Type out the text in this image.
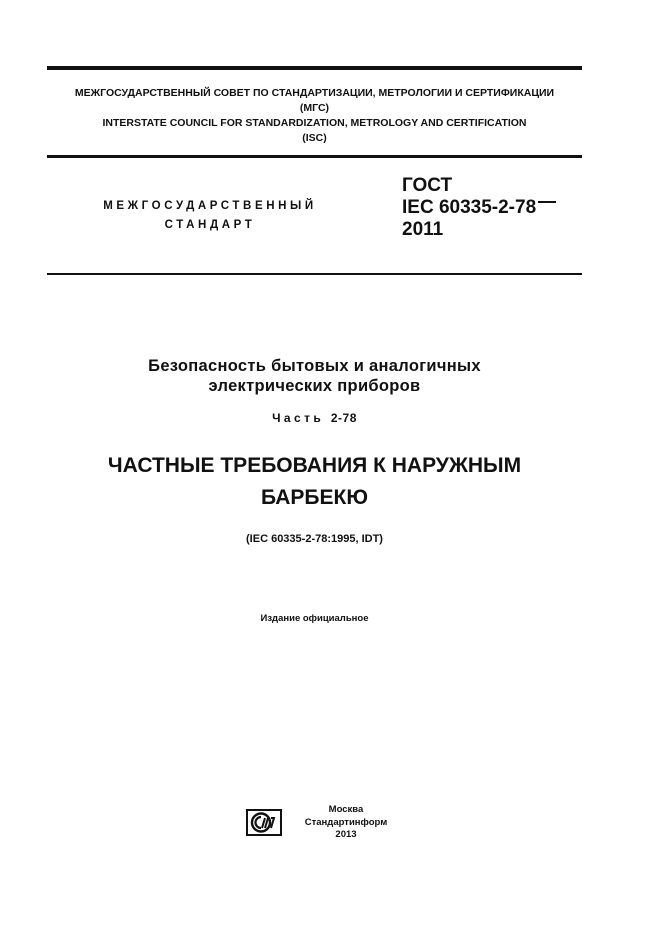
МЕЖГОСУДАРСТВЕННЫЙ СОВЕТ ПО СТАНДАРТИЗАЦИИ, МЕТРОЛОГИИ И СЕРТИФИКАЦИИ
(МГС)
INTERSTATE COUNCIL FOR STANDARDIZATION, METROLOGY AND CERTIFICATION
(ISC)
МЕЖГОСУДАРСТВЕННЫЙ
СТАНДАРТ
ГОСТ
IEC 60335-2-78
2011
Безопасность бытовых и аналогичных
электрических приборов
Часть 2-78
ЧАСТНЫЕ ТРЕБОВАНИЯ К НАРУЖНЫМ
БАРБЕКЮ
(IEC 60335-2-78:1995, IDT)
Издание официальное
Москва
Стандартинформ
2013
